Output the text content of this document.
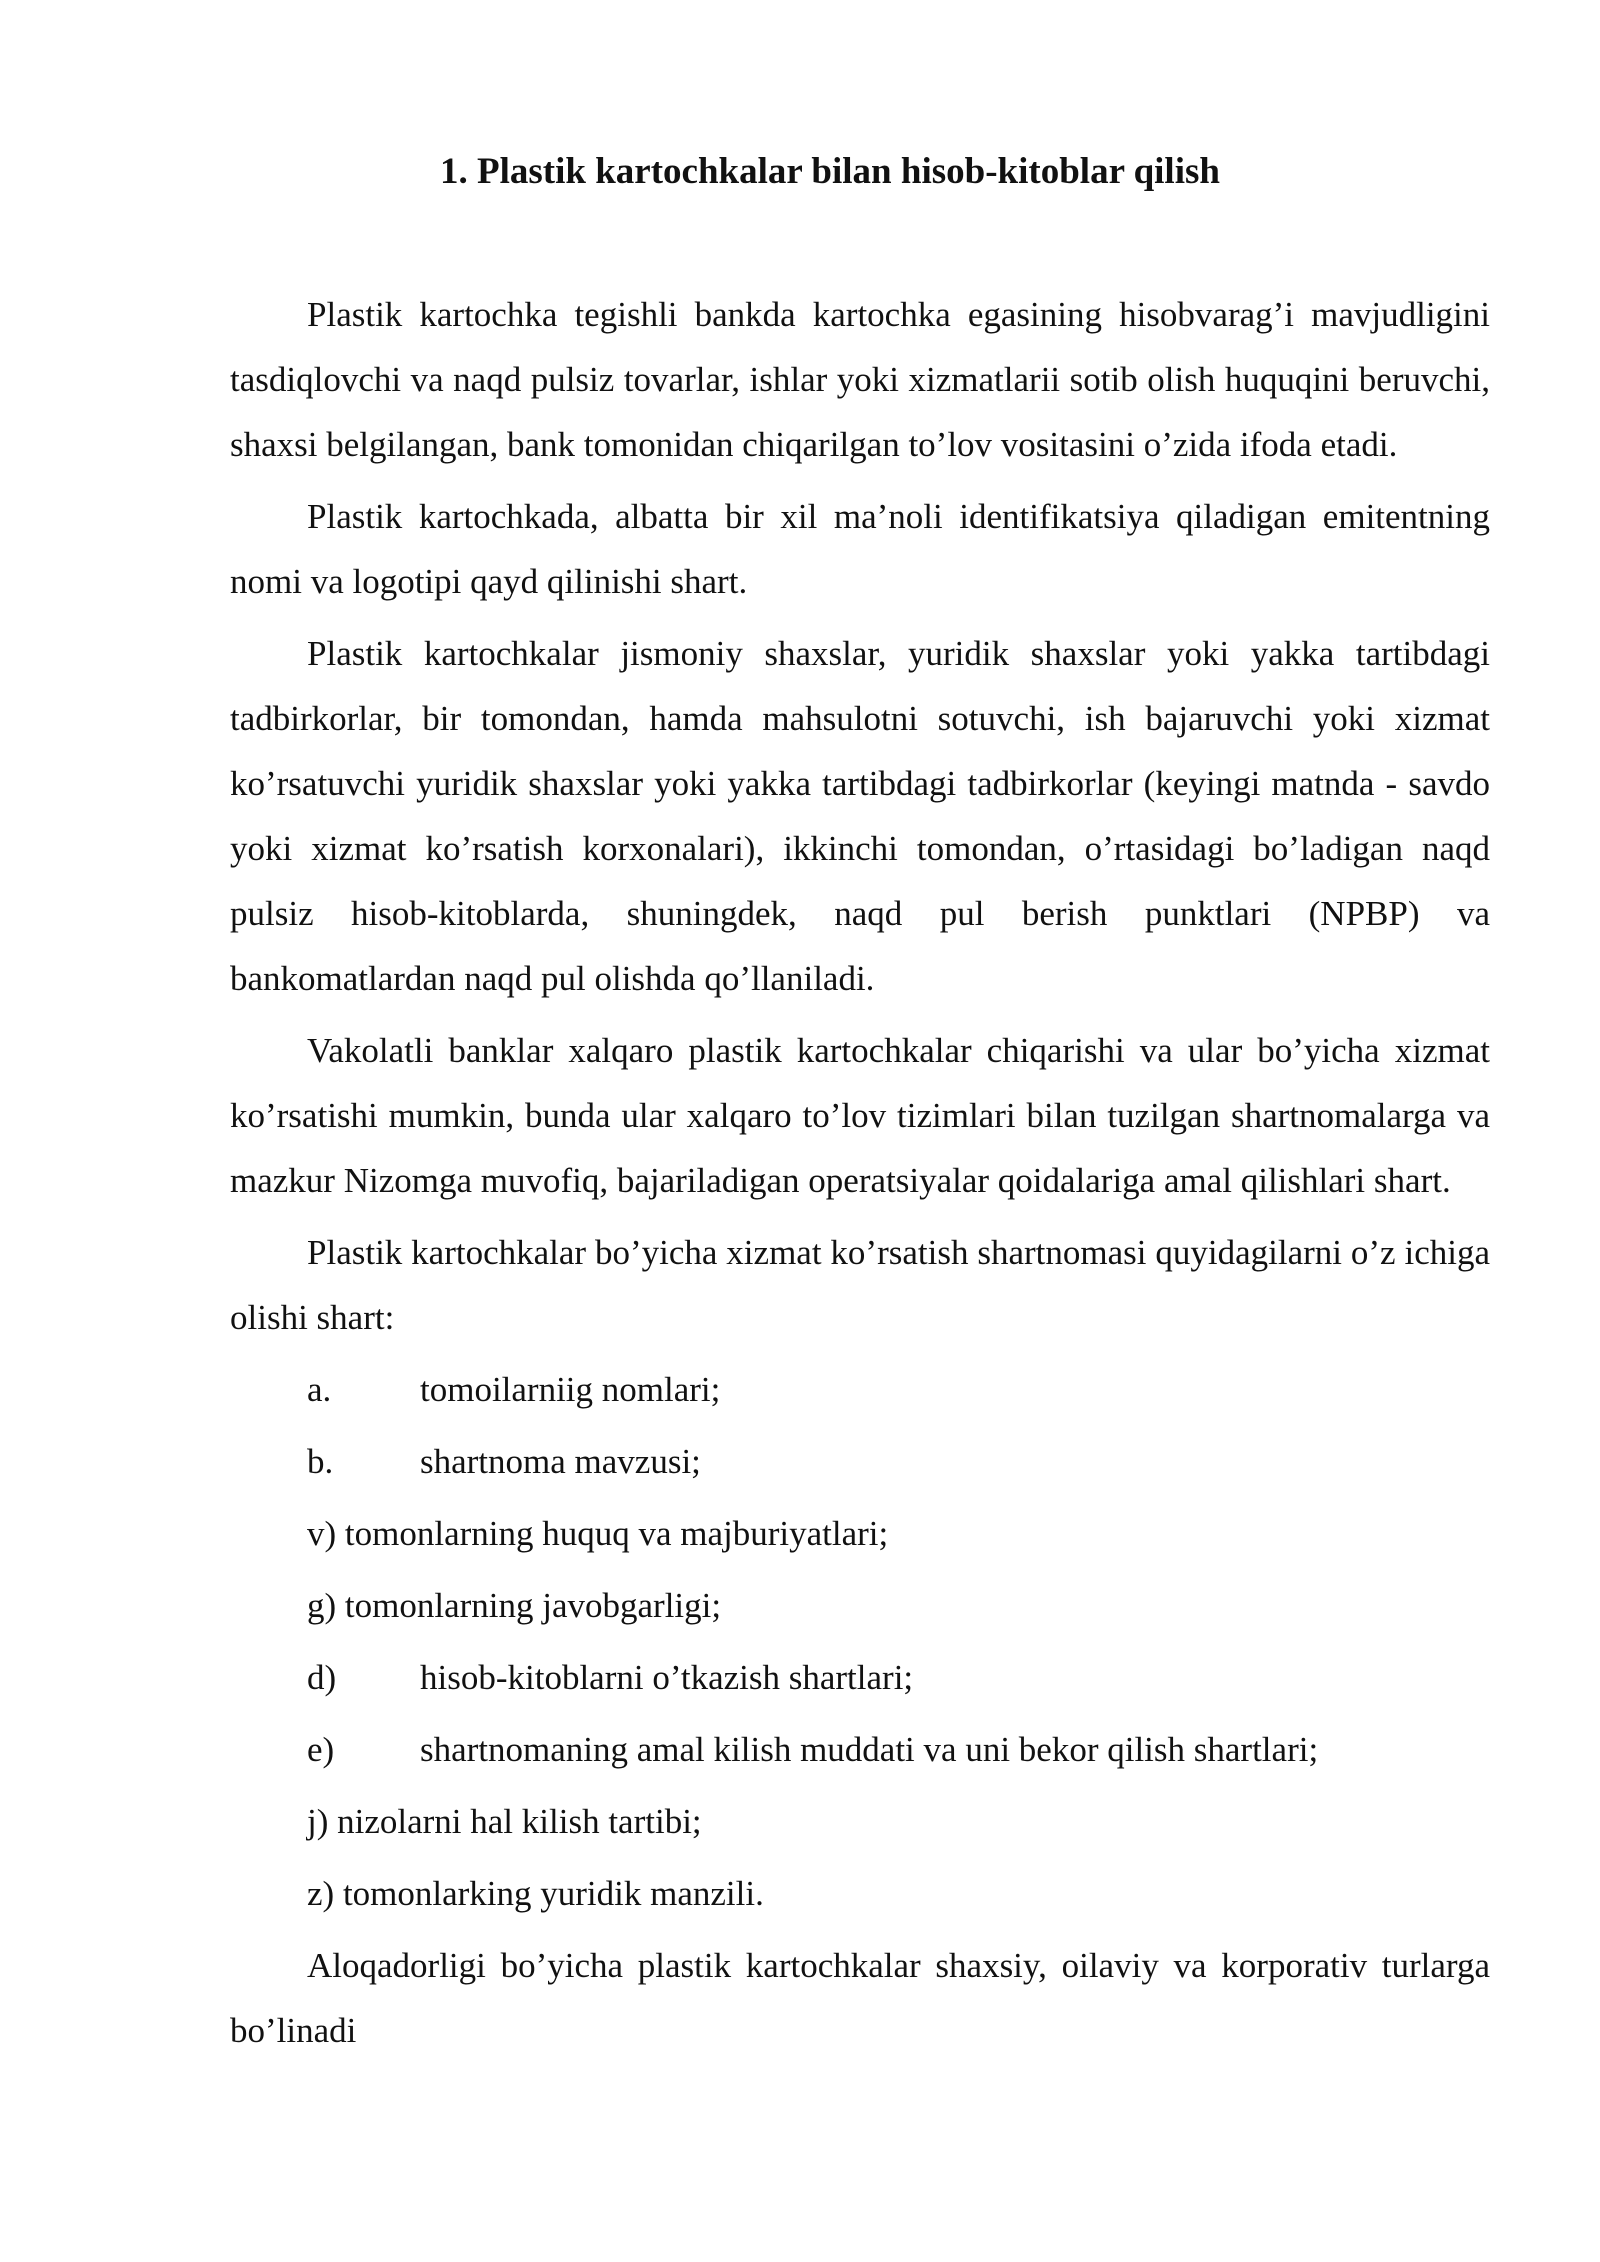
1. Plastik kartochkalar bilan hisob-kitoblar qilish

Plastik kartochka tegishli bankda kartochka egasining hisobvarag’i mavjudligini tasdiqlovchi va naqd pulsiz tovarlar, ishlar yoki xizmatlarii sotib olish huquqini beruvchi, shaxsi belgilangan, bank tomonidan chiqarilgan to’lov vositasini o’zida ifoda etadi.

Plastik kartochkada, albatta bir xil ma’noli identifikatsiya qiladigan emitentning nomi va logotipi qayd qilinishi shart.

Plastik kartochkalar jismoniy shaxslar, yuridik shaxslar yoki yakka tartibdagi tadbirkorlar, bir tomondan, hamda mahsulotni sotuvchi, ish bajaruvchi yoki xizmat ko’rsatuvchi yuridik shaxslar yoki yakka tartibdagi tadbirkorlar (keyingi matnda - savdo yoki xizmat ko’rsatish korxonalari), ikkinchi tomondan, o’rtasidagi bo’ladigan naqd pulsiz hisob-kitoblarda, shuningdek, naqd pul berish punktlari (NPBP) va bankomatlardan naqd pul olishda qo’llaniladi.

Vakolatli banklar xalqaro plastik kartochkalar chiqarishi va ular bo’yicha xizmat ko’rsatishi mumkin, bunda ular xalqaro to’lov tizimlari bilan tuzilgan shartnomalarga va mazkur Nizomga muvofiq, bajariladigan operatsiyalar qoidalariga amal qilishlari shart.

Plastik kartochkalar bo’yicha xizmat ko’rsatish shartnomasi quyidagilarni o’z ichiga olishi shart:

a.	tomoilarniig nomlari;
b. shartnoma mavzusi;
v) tomonlarning huquq va majburiyatlari;
g) tomonlarning javobgarligi;
d) hisob-kitoblarni o’tkazish shartlari;
e) shartnomaning amal kilish muddati va uni bekor qilish shartlari;
j) nizolarni hal kilish tartibi;
z) tomonlarking yuridik manzili.

Aloqadorligi bo’yicha plastik kartochkalar shaxsiy, oilaviy va korporativ turlarga bo’linadi
